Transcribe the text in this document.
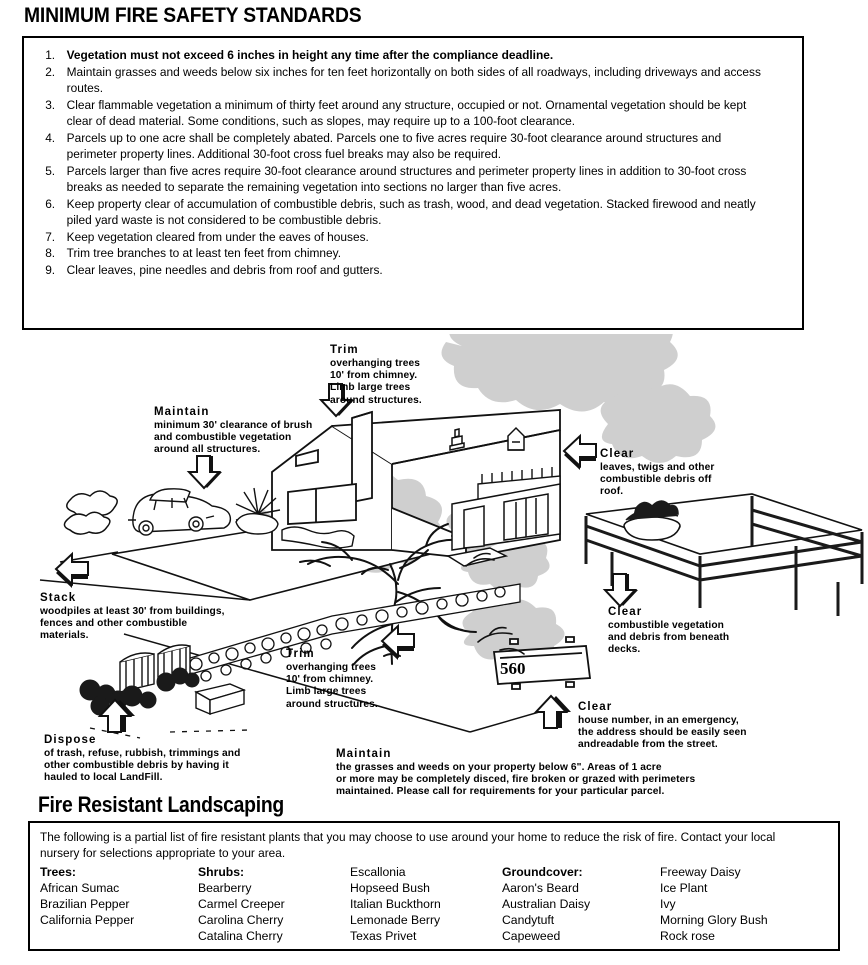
MINIMUM FIRE SAFETY STANDARDS
1. Vegetation must not exceed 6 inches in height any time after the compliance deadline.
2. Maintain grasses and weeds below six inches for ten feet horizontally on both sides of all roadways, including driveways and access routes.
3. Clear flammable vegetation a minimum of thirty feet around any structure, occupied or not. Ornamental vegetation should be kept clear of dead material. Some conditions, such as slopes, may require up to a 100-foot clearance.
4. Parcels up to one acre shall be completely abated. Parcels one to five acres require 30-foot clearance around structures and perimeter property lines. Additional 30-foot cross fuel breaks may also be required.
5. Parcels larger than five acres require 30-foot clearance around structures and perimeter property lines in addition to 30-foot cross breaks as needed to separate the remaining vegetation into sections no larger than five acres.
6. Keep property clear of accumulation of combustible debris, such as trash, wood, and dead vegetation. Stacked firewood and neatly piled yard waste is not considered to be combustible debris.
7. Keep vegetation cleared from under the eaves of houses.
8. Trim tree branches to at least ten feet from chimney.
9. Clear leaves, pine needles and debris from roof and gutters.
560
Trim
overhanging trees
10' from chimney.
Limb large trees
around structures.
Maintain
minimum 30' clearance of brush
and combustible vegetation
around all structures.	Clear
leaves, twigs and other
combustible debris off
roof.
Stack
woodpiles at least 30' from buildings,
fences and other combustible
materials.
Clear
combustible vegetation
and debris from beneath
decks.
Trim
overhanging trees
10' from chimney.
Limb large trees
around structures.	Clear
house number, in an emergency,
the address should be easily seen
andreadable from the street.
Dispose
of trash, refuse, rubbish, trimmings and
other combustible debris by having it
hauled to local LandFill.
Maintain
the grasses and weeds on your property below 6". Areas of 1 acre
or more may be completely disced, fire broken or grazed with perimeters
maintained. Please call for requirements for your particular parcel.
Fire Resistant Landscaping
The following is a partial list of fire resistant plants that you may choose to use around your home to reduce the risk of fire. Contact your local
nursery for selections appropriate to your area.
Trees:
African Sumac
Brazilian Pepper
California Pepper
Shrubs:
Bearberry
Carmel Creeper
Carolina Cherry
Catalina Cherry
Escallonia
Hopseed Bush
Italian Buckthorn
Lemonade Berry
Texas Privet
Groundcover:
Aaron's Beard
Australian Daisy
Candytuft
Capeweed
Freeway Daisy
Ice Plant
Ivy
Morning Glory Bush
Rock rose
